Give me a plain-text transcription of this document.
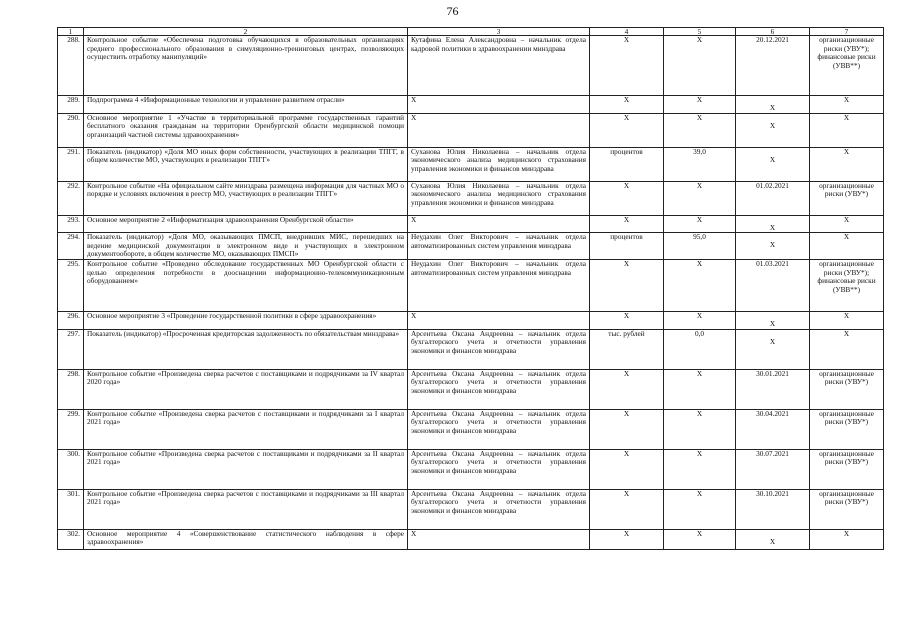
76
1	2	3	4	5	6	7
288.	Контрольное событие «Обеспечена подготовка обучающихся в образовательных организациях среднего профессионального образования в симуляционно-тренинговых центрах, позволяющих осуществить отработку манипуляций»	Кутафина Елена Александровна – начальник отдела кадровой политики в здравоохранении минздрава	X	X	20.12.2021	организационные риски (УВУ*); финансовые риски (УВВ**)
289.	Подпрограмма 4 «Информационные технологии и управление развитием отрасли»	X	X	X	X	X
290.	Основное мероприятие 1 «Участие в территориальной программе государственных гарантий бесплатного оказания гражданам на территории Оренбургской области медицинской помощи организаций частной системы здравоохранения»	X	X	X	X	X
291.	Показатель (индикатор) «Доля МО иных форм собственности, участвующих в реализации ТПГГ, в общем количестве МО, участвующих в реализации ТПГГ»	Суханова Юлия Николаевна – начальник отдела экономического анализа медицинского страхования управления экономики и финансов минздрава	процентов	39,0	X	X
292.	Контрольное событие «На официальном сайте минздрава размещена информация для частных МО о порядке и условиях включения в реестр МО, участвующих в реализации ТПГГ»	Суханова Юлия Николаевна – начальник отдела экономического анализа медицинского страхования управления экономики и финансов минздрава	X	X	01.02.2021	организационные риски (УВУ*)
293.	Основное мероприятие 2 «Информатизация здравоохранения Оренбургской области»	X	X	X	X	X
294.	Показатель (индикатор) «Доля МО, оказывающих ПМСП, внедривших МИС, перешедших на ведение медицинской документации в электронном виде и участвующих в электронном документообороте, в общем количестве МО, оказывающих ПМСП»	Неудахин Олег Викторович – начальник отдела автоматизированных систем управления минздрава	процентов	95,0	X	X
295.	Контрольное событие «Проведено обследование государственных МО Оренбургской области с целью определения потребности в дооснащении информационно-телекоммуникационным оборудованием»	Неудахин Олег Викторович – начальник отдела автоматизированных систем управления минздрава	X	X	01.03.2021	организационные риски (УВУ*); финансовые риски (УВВ**)
296.	Основное мероприятие 3 «Проведение государственной политики в сфере здравоохранения»	X	X	X	X	X
297.	Показатель (индикатор) «Просроченная кредиторская задолженность по обязательствам минздрава»	Арсентьева Оксана Андреевна – начальник отдела бухгалтерского учета и отчетности управления экономики и финансов минздрава	тыс. рублей	0,0	X	X
298.	Контрольное событие «Произведена сверка расчетов с поставщиками и подрядчиками за IV квартал 2020 года»	Арсентьева Оксана Андреевна – начальник отдела бухгалтерского учета и отчетности управления экономики и финансов минздрава	X	X	30.01.2021	организационные риски (УВУ*)
299.	Контрольное событие «Произведена сверка расчетов с поставщиками и подрядчиками за I квартал 2021 года»	Арсентьева Оксана Андреевна – начальник отдела бухгалтерского учета и отчетности управления экономики и финансов минздрава	X	X	30.04.2021	организационные риски (УВУ*)
300.	Контрольное событие «Произведена сверка расчетов с поставщиками и подрядчиками за II квартал 2021 года»	Арсентьева Оксана Андреевна – начальник отдела бухгалтерского учета и отчетности управления экономики и финансов минздрава	X	X	30.07.2021	организационные риски (УВУ*)
301.	Контрольное событие «Произведена сверка расчетов с поставщиками и подрядчиками за III квартал 2021 года»	Арсентьева Оксана Андреевна – начальник отдела бухгалтерского учета и отчетности управления экономики и финансов минздрава	X	X	30.10.2021	организационные риски (УВУ*)
302.	Основное мероприятие 4 «Совершенствование статистического наблюдения в сфере здравоохранения»	X	X	X	X	X
